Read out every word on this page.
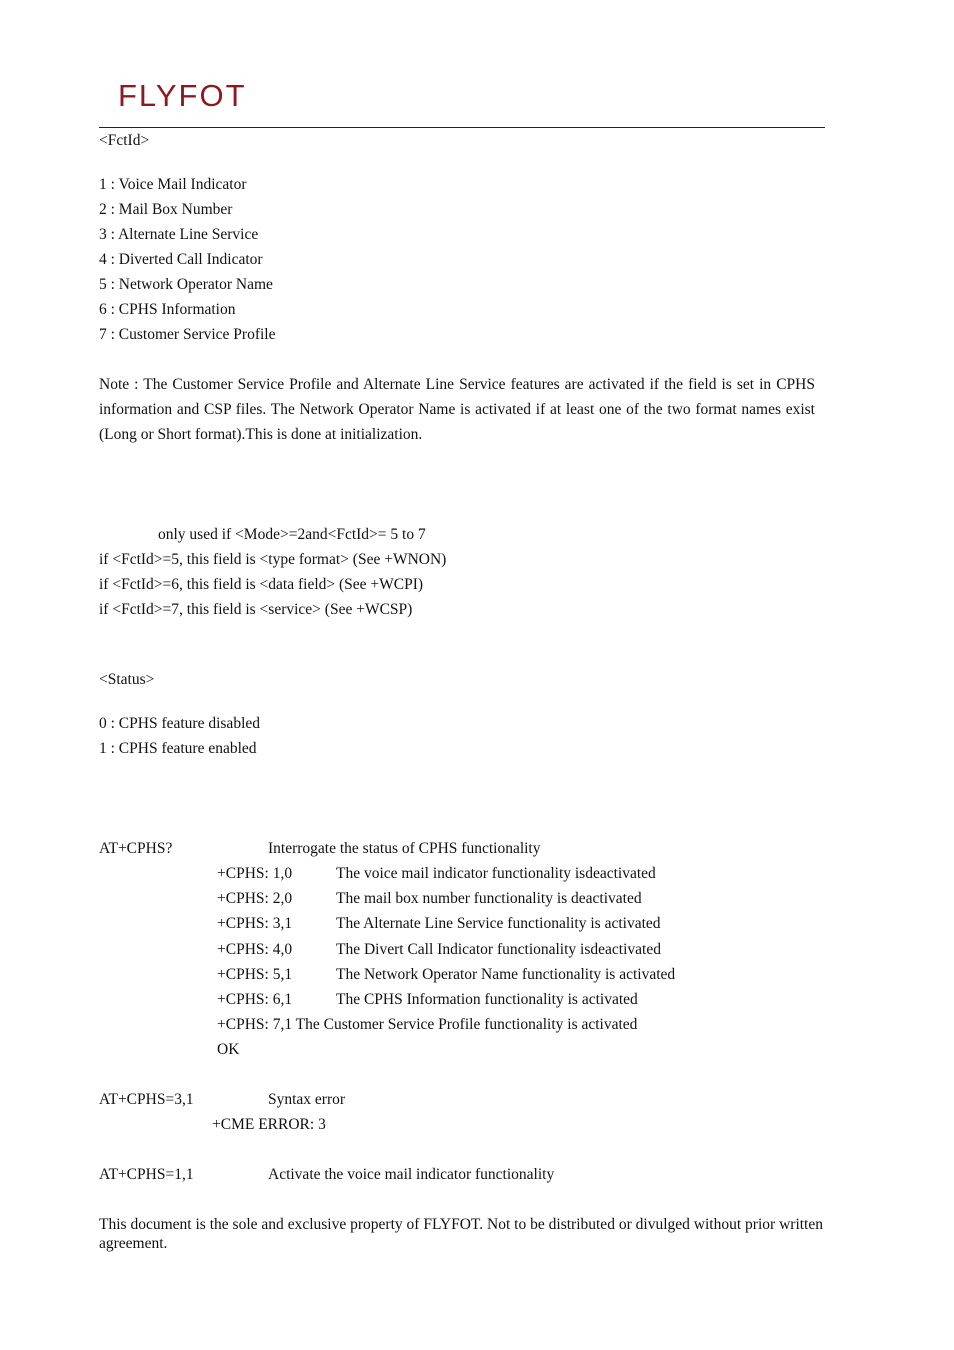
FLYFOT
<FctId>
1 : Voice Mail Indicator
2 : Mail Box Number
3 : Alternate Line Service
4 : Diverted Call Indicator
5 : Network Operator Name
6 : CPHS Information
7 : Customer Service Profile
Note : The Customer Service Profile and Alternate Line Service features are activated if the field is set in CPHS information and CSP files. The Network Operator Name is activated if at least one of the two format names exist (Long or Short format).This is done at initialization.
only used if <Mode>=2and<FctId>= 5 to 7
if <FctId>=5, this field is <type format> (See +WNON)
if <FctId>=6, this field is <data field> (See +WCPI)
if <FctId>=7, this field is <service> (See +WCSP)
<Status>
0 : CPHS feature disabled
1 : CPHS feature enabled
AT+CPHS?	Interrogate the status of CPHS functionality
+CPHS: 1,0	The voice mail indicator functionality isdeactivated
+CPHS: 2,0	The mail box number functionality is deactivated
+CPHS: 3,1	The Alternate Line Service functionality is activated
+CPHS: 4,0	The Divert Call Indicator functionality isdeactivated
+CPHS: 5,1	The Network Operator Name functionality is activated
+CPHS: 6,1	The CPHS Information functionality is activated
+CPHS: 7,1 The Customer Service Profile functionality is activated
OK
AT+CPHS=3,1	Syntax error
+CME ERROR: 3
AT+CPHS=1,1	Activate the voice mail indicator functionality
This document is the sole and exclusive property of FLYFOT. Not to be distributed or divulged without prior written agreement.
